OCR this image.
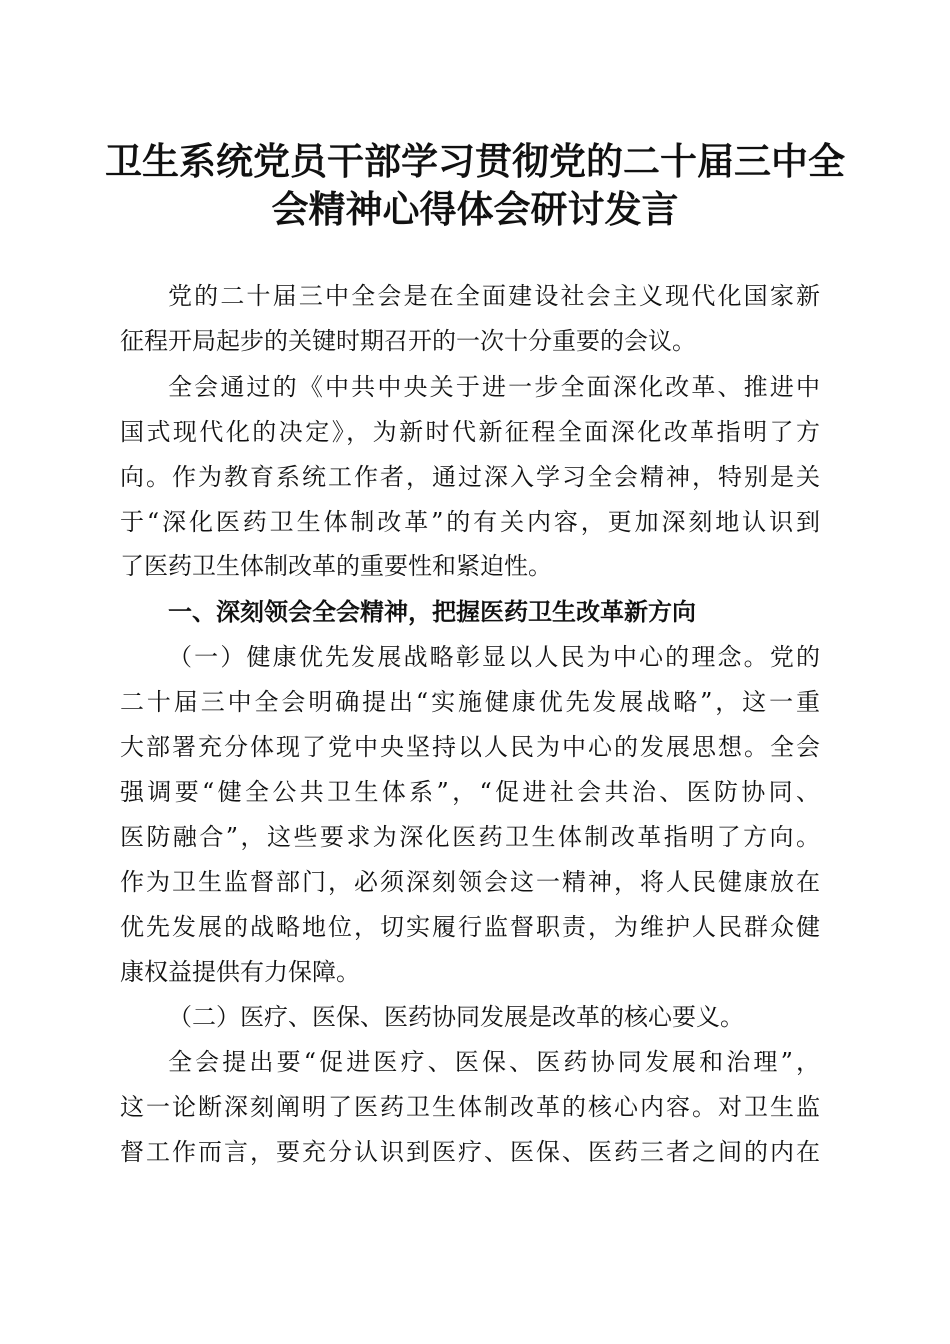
卫生系统党员干部学习贯彻党的二十届三中全
会精神心得体会研讨发言
党的二十届三中全会是在全面建设社会主义现代化国家新
征程开局起步的关键时期召开的一次十分重要的会议。
全会通过的《中共中央关于进一步全面深化改革、推进中
国式现代化的决定》，为新时代新征程全面深化改革指明了方
向。作为教育系统工作者，通过深入学习全会精神，特别是关
于“深化医药卫生体制改革”的有关内容，更加深刻地认识到
了医药卫生体制改革的重要性和紧迫性。
一、深刻领会全会精神，把握医药卫生改革新方向
（一）健康优先发展战略彰显以人民为中心的理念。党的
二十届三中全会明确提出“实施健康优先发展战略”，这一重
大部署充分体现了党中央坚持以人民为中心的发展思想。全会
强调要“健全公共卫生体系”，“促进社会共治、医防协同、
医防融合”，这些要求为深化医药卫生体制改革指明了方向。
作为卫生监督部门，必须深刻领会这一精神，将人民健康放在
优先发展的战略地位，切实履行监督职责，为维护人民群众健
康权益提供有力保障。
（二）医疗、医保、医药协同发展是改革的核心要义。
全会提出要“促进医疗、医保、医药协同发展和治理”，
这一论断深刻阐明了医药卫生体制改革的核心内容。对卫生监
督工作而言，要充分认识到医疗、医保、医药三者之间的内在
